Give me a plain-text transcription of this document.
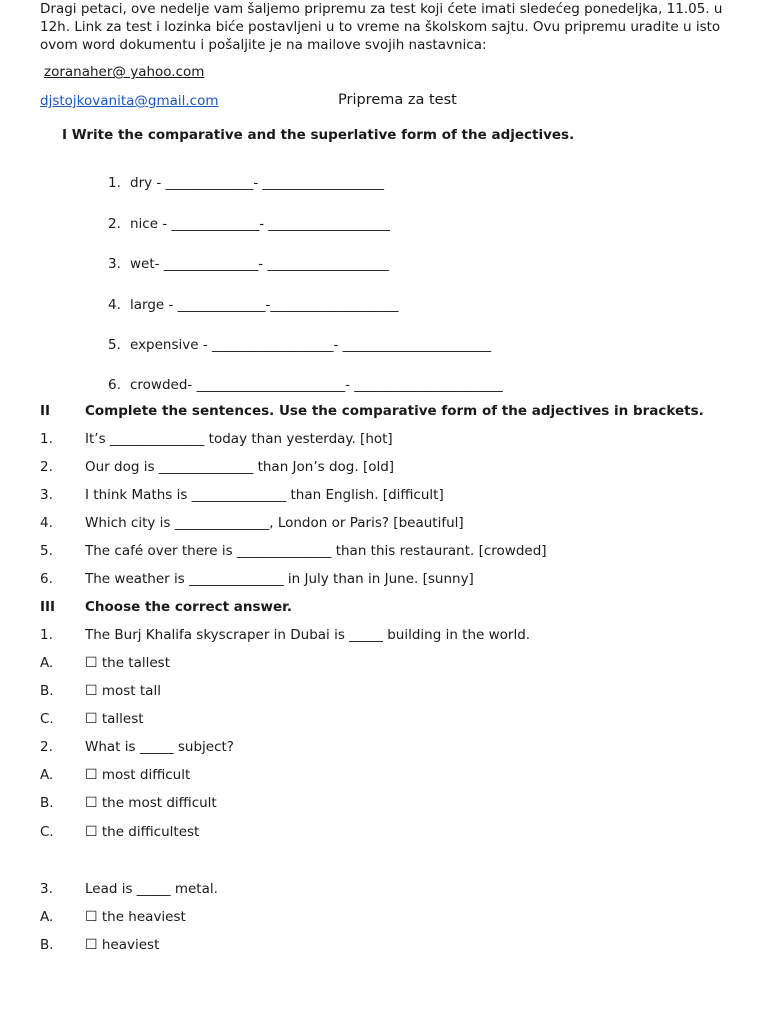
Dragi petaci, ove nedelje vam šaljemo pripremu za test koji ćete imati sledećeg ponedeljka, 11.05. u
12h. Link za test i lozinka biće postavljeni u to vreme na školskom sajtu. Ovu pripremu uradite u isto
ovom word dokumentu i pošaljite je na mailove svojih nastavnica:
zoranaher@ yahoo.com
djstojkovanita@gmail.com	Priprema za test
I Write the comparative and the superlative form of the adjectives.
1. dry - _____________- __________________
2. nice - _____________- __________________
3. wet- ______________- __________________
4. large - _____________-___________________
5. expensive - __________________- ______________________
6. crowded- ______________________- ______________________
II	Complete the sentences. Use the comparative form of the adjectives in brackets.
1. It’s ______________ today than yesterday. [hot]
2. Our dog is ______________ than Jon’s dog. [old]
3. I think Maths is ______________ than English. [difficult]
4. Which city is ______________, London or Paris? [beautiful]
5. The café over there is ______________ than this restaurant. [crowded]
6. The weather is ______________ in July than in June. [sunny]
III Choose the correct answer.
1. The Burj Khalifa skyscraper in Dubai is _____ building in the world.
A. ☐ the tallest
B. ☐ most tall
C. ☐ tallest
2. What is _____ subject?
A. ☐ most difficult
B. ☐ the most difficult
C. ☐ the difficultest
3. Lead is _____ metal.
A. ☐ the heaviest
B. ☐ heaviest
